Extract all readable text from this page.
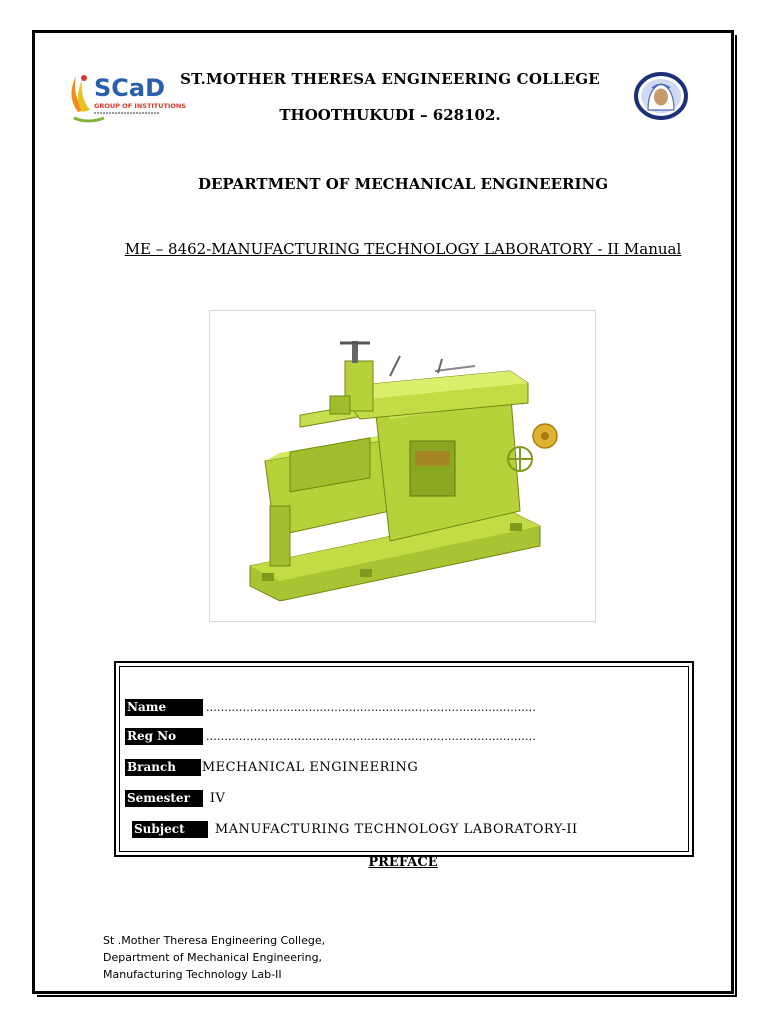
SCaD
GROUP OF INSTITUTIONS
ST.MOTHER THERESA ENGINEERING COLLEGE
THOOTHUKUDI – 628102.
DEPARTMENT OF MECHANICAL ENGINEERING
ME – 8462-MANUFACTURING TECHNOLOGY LABORATORY - II Manual
Name	: ………………………………………………………………………………
Reg No	: ………………………………………………………………………………
Branch	: MECHANICAL ENGINEERING
Semester : IV
Subject	: MANUFACTURING TECHNOLOGY LABORATORY-II
PREFACE
St .Mother Theresa Engineering College,
Department of Mechanical Engineering,
Manufacturing Technology Lab-II
